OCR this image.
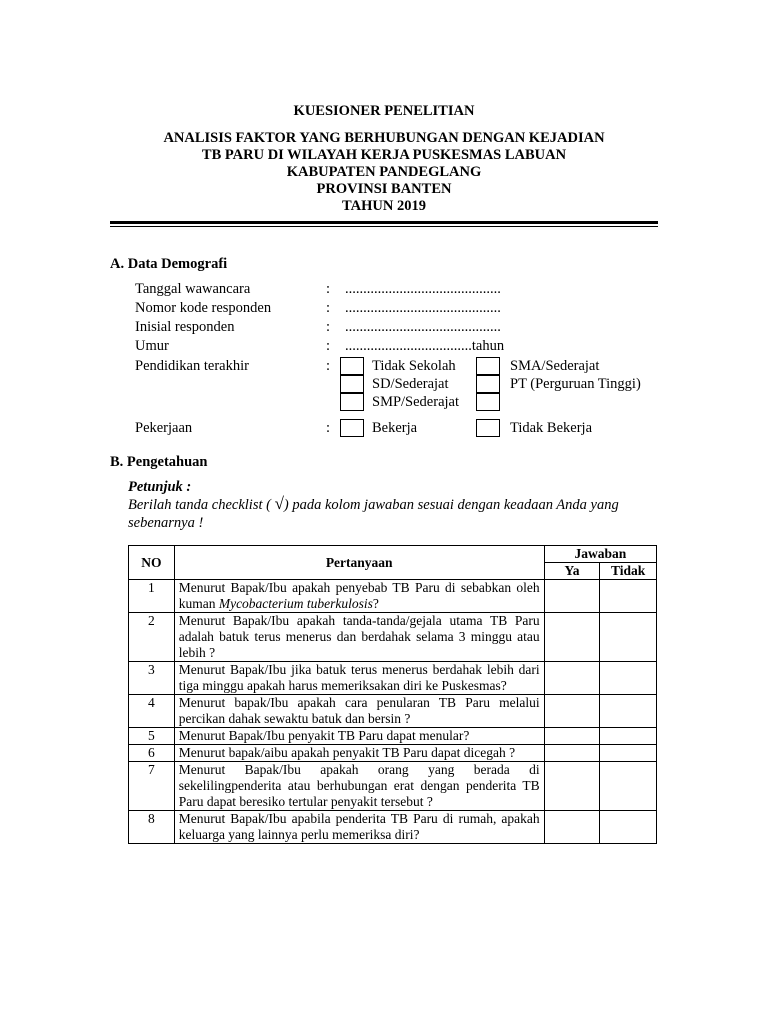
KUESIONER PENELITIAN
ANALISIS FAKTOR YANG BERHUBUNGAN DENGAN KEJADIAN
TB PARU DI WILAYAH KERJA PUSKESMAS LABUAN
KABUPATEN PANDEGLANG
PROVINSI BANTEN
TAHUN 2019
A. Data Demografi
Tanggal wawancara	: ...........................................
Nomor kode responden	: ...........................................
Inisial responden	: ...........................................
Umur	: ...................................tahun
Pendidikan terakhir	:	Tidak Sekolah
SD/Sederajat
SMP/Sederajat
SMA/Sederajat
PT (Perguruan Tinggi)
Pekerjaan	:	Bekerja	Tidak Bekerja
B. Pengetahuan
Petunjuk :
Berilah tanda checklist ( √) pada kolom jawaban sesuai dengan keadaan Anda yang sebenarnya !
NO	Pertanyaan	Jawaban	
		Ya	Tidak
1	Menurut Bapak/Ibu apakah penyebab TB Paru di sebabkan oleh kuman Mycobacterium tuberkulosis?		
2	Menurut Bapak/Ibu apakah tanda-tanda/gejala utama TB Paru adalah batuk terus menerus dan berdahak selama 3 minggu atau lebih ?		
3	Menurut Bapak/Ibu jika batuk terus menerus berdahak lebih dari tiga minggu apakah harus memeriksakan diri ke Puskesmas?		
4	Menurut bapak/Ibu apakah cara penularan TB Paru melalui percikan dahak sewaktu batuk dan bersin ?		
5	Menurut Bapak/Ibu penyakit TB Paru dapat menular?		
6	Menurut bapak/aibu apakah penyakit TB Paru dapat dicegah ?		
7	Menurut Bapak/Ibu apakah orang yang berada di sekelilingpenderita atau berhubungan erat dengan penderita TB Paru dapat beresiko tertular penyakit tersebut ?		
8	Menurut Bapak/Ibu apabila penderita TB Paru di rumah, apakah keluarga yang lainnya perlu memeriksa diri?		
